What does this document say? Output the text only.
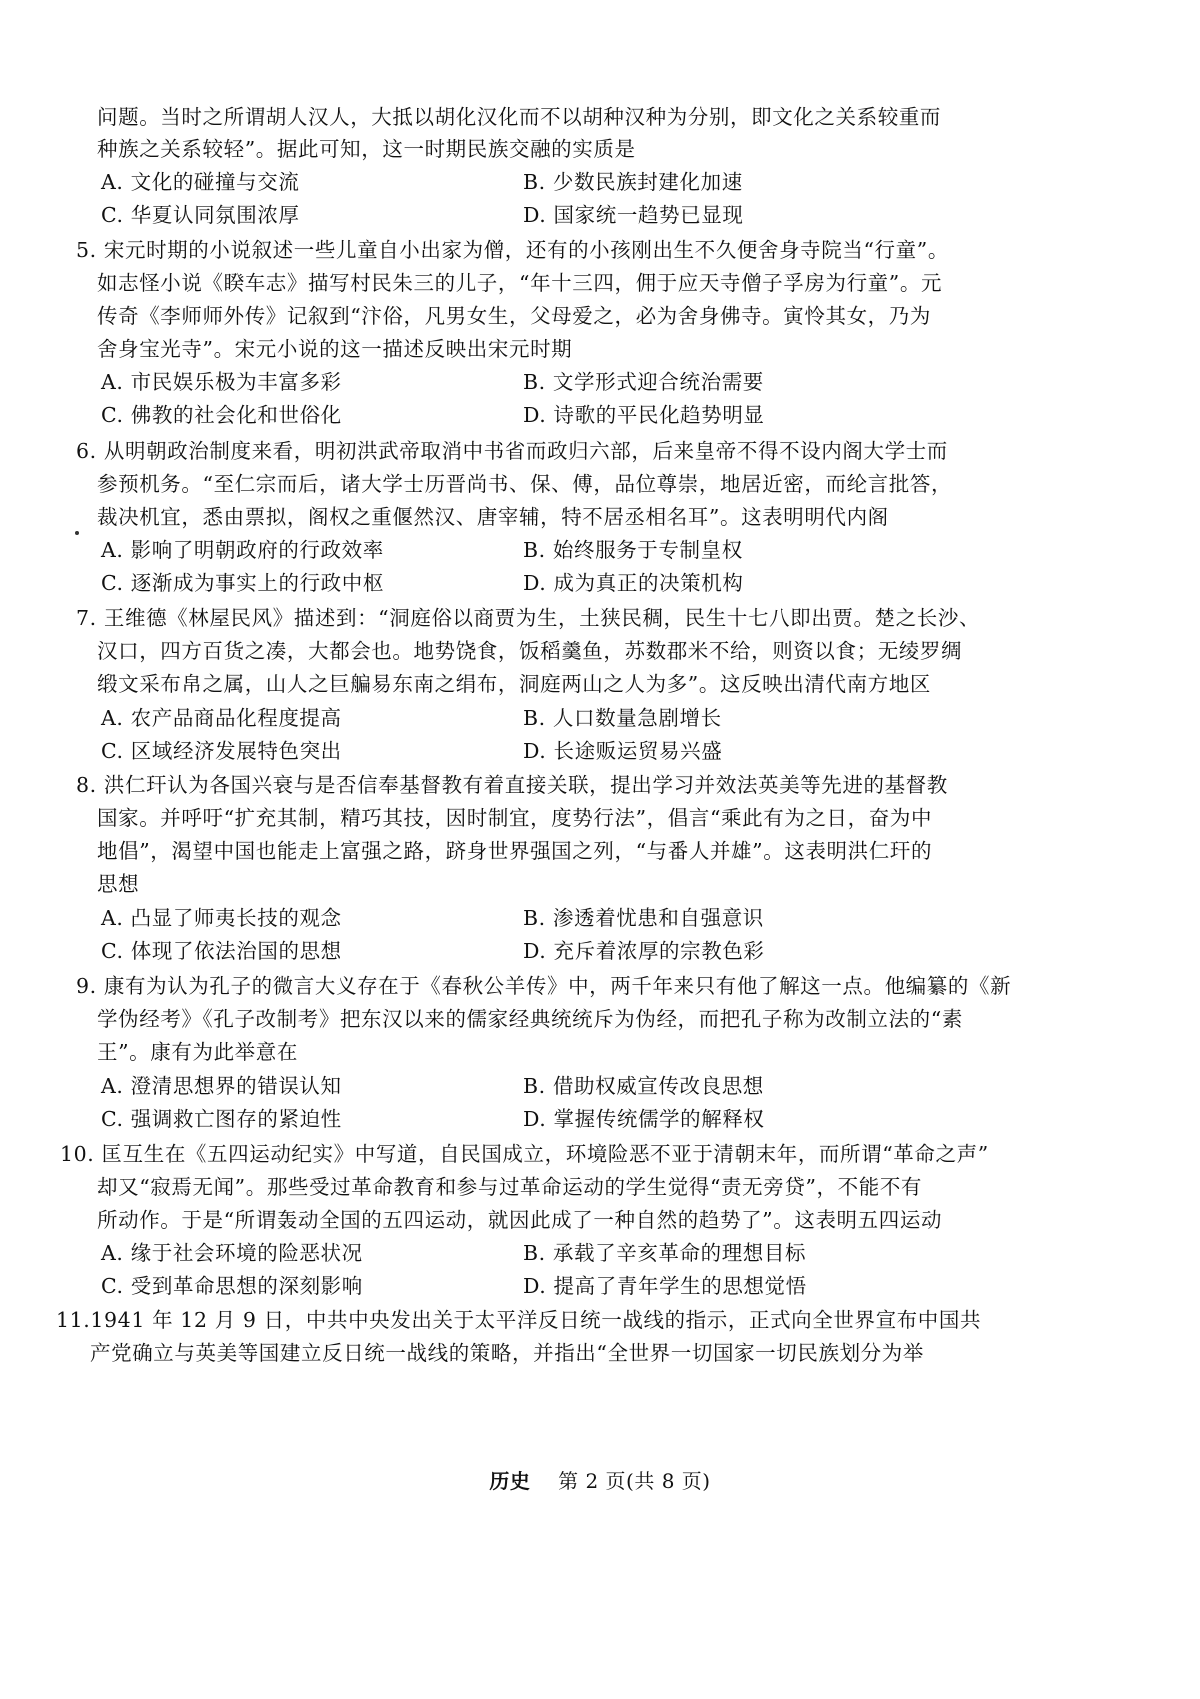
问题。当时之所谓胡人汉人，大抵以胡化汉化而不以胡种汉种为分别，即文化之关系较重而
种族之关系较轻”。据此可知，这一时期民族交融的实质是
A. 文化的碰撞与交流	B. 少数民族封建化加速
C. 华夏认同氛围浓厚	D. 国家统一趋势已显现
5. 宋元时期的小说叙述一些儿童自小出家为僧，还有的小孩刚出生不久便舍身寺院当“行童”。
如志怪小说《睽车志》描写村民朱三的儿子，“年十三四，佣于应天寺僧子孚房为行童”。元
传奇《李师师外传》记叙到“汴俗，凡男女生，父母爱之，必为舍身佛寺。寅怜其女，乃为
舍身宝光寺”。宋元小说的这一描述反映出宋元时期
A. 市民娱乐极为丰富多彩	B. 文学形式迎合统治需要
C. 佛教的社会化和世俗化	D. 诗歌的平民化趋势明显
6. 从明朝政治制度来看，明初洪武帝取消中书省而政归六部，后来皇帝不得不设内阁大学士而
参预机务。“至仁宗而后，诸大学士历晋尚书、保、傅，品位尊崇，地居近密，而纶言批答，
裁决机宜，悉由票拟，阁权之重偃然汉、唐宰辅，特不居丞相名耳”。这表明明代内阁
A. 影响了明朝政府的行政效率	B. 始终服务于专制皇权
C. 逐渐成为事实上的行政中枢	D. 成为真正的决策机构
7. 王维德《林屋民风》描述到：“洞庭俗以商贾为生，土狭民稠，民生十七八即出贾。楚之长沙、
汉口，四方百货之凑，大都会也。地势饶食，饭稻羹鱼，苏数郡米不给，则资以食；无绫罗绸
缎文采布帛之属，山人之巨艑易东南之绢布，洞庭两山之人为多”。这反映出清代南方地区
A. 农产品商品化程度提高	B. 人口数量急剧增长
C. 区域经济发展特色突出	D. 长途贩运贸易兴盛
8. 洪仁玕认为各国兴衰与是否信奉基督教有着直接关联，提出学习并效法英美等先进的基督教
国家。并呼吁“扩充其制，精巧其技，因时制宜，度势行法”，倡言“乘此有为之日，奋为中
地倡”，渴望中国也能走上富强之路，跻身世界强国之列，“与番人并雄”。这表明洪仁玕的
思想
A. 凸显了师夷长技的观念	B. 渗透着忧患和自强意识
C. 体现了依法治国的思想	D. 充斥着浓厚的宗教色彩
9. 康有为认为孔子的微言大义存在于《春秋公羊传》中，两千年来只有他了解这一点。他编纂的《新
学伪经考》《孔子改制考》把东汉以来的儒家经典统统斥为伪经，而把孔子称为改制立法的“素
王”。康有为此举意在
A. 澄清思想界的错误认知	B. 借助权威宣传改良思想
C. 强调救亡图存的紧迫性	D. 掌握传统儒学的解释权
10. 匡互生在《五四运动纪实》中写道，自民国成立，环境险恶不亚于清朝末年，而所谓“革命之声”
却又“寂焉无闻”。那些受过革命教育和参与过革命运动的学生觉得“责无旁贷”，不能不有
所动作。于是“所谓轰动全国的五四运动，就因此成了一种自然的趋势了”。这表明五四运动
A. 缘于社会环境的险恶状况	B. 承载了辛亥革命的理想目标
C. 受到革命思想的深刻影响	D. 提高了青年学生的思想觉悟
11.1941 年 12 月 9 日，中共中央发出关于太平洋反日统一战线的指示，正式向全世界宣布中国共
产党确立与英美等国建立反日统一战线的策略，并指出“全世界一切国家一切民族划分为举
历史 第 2 页(共 8 页)
